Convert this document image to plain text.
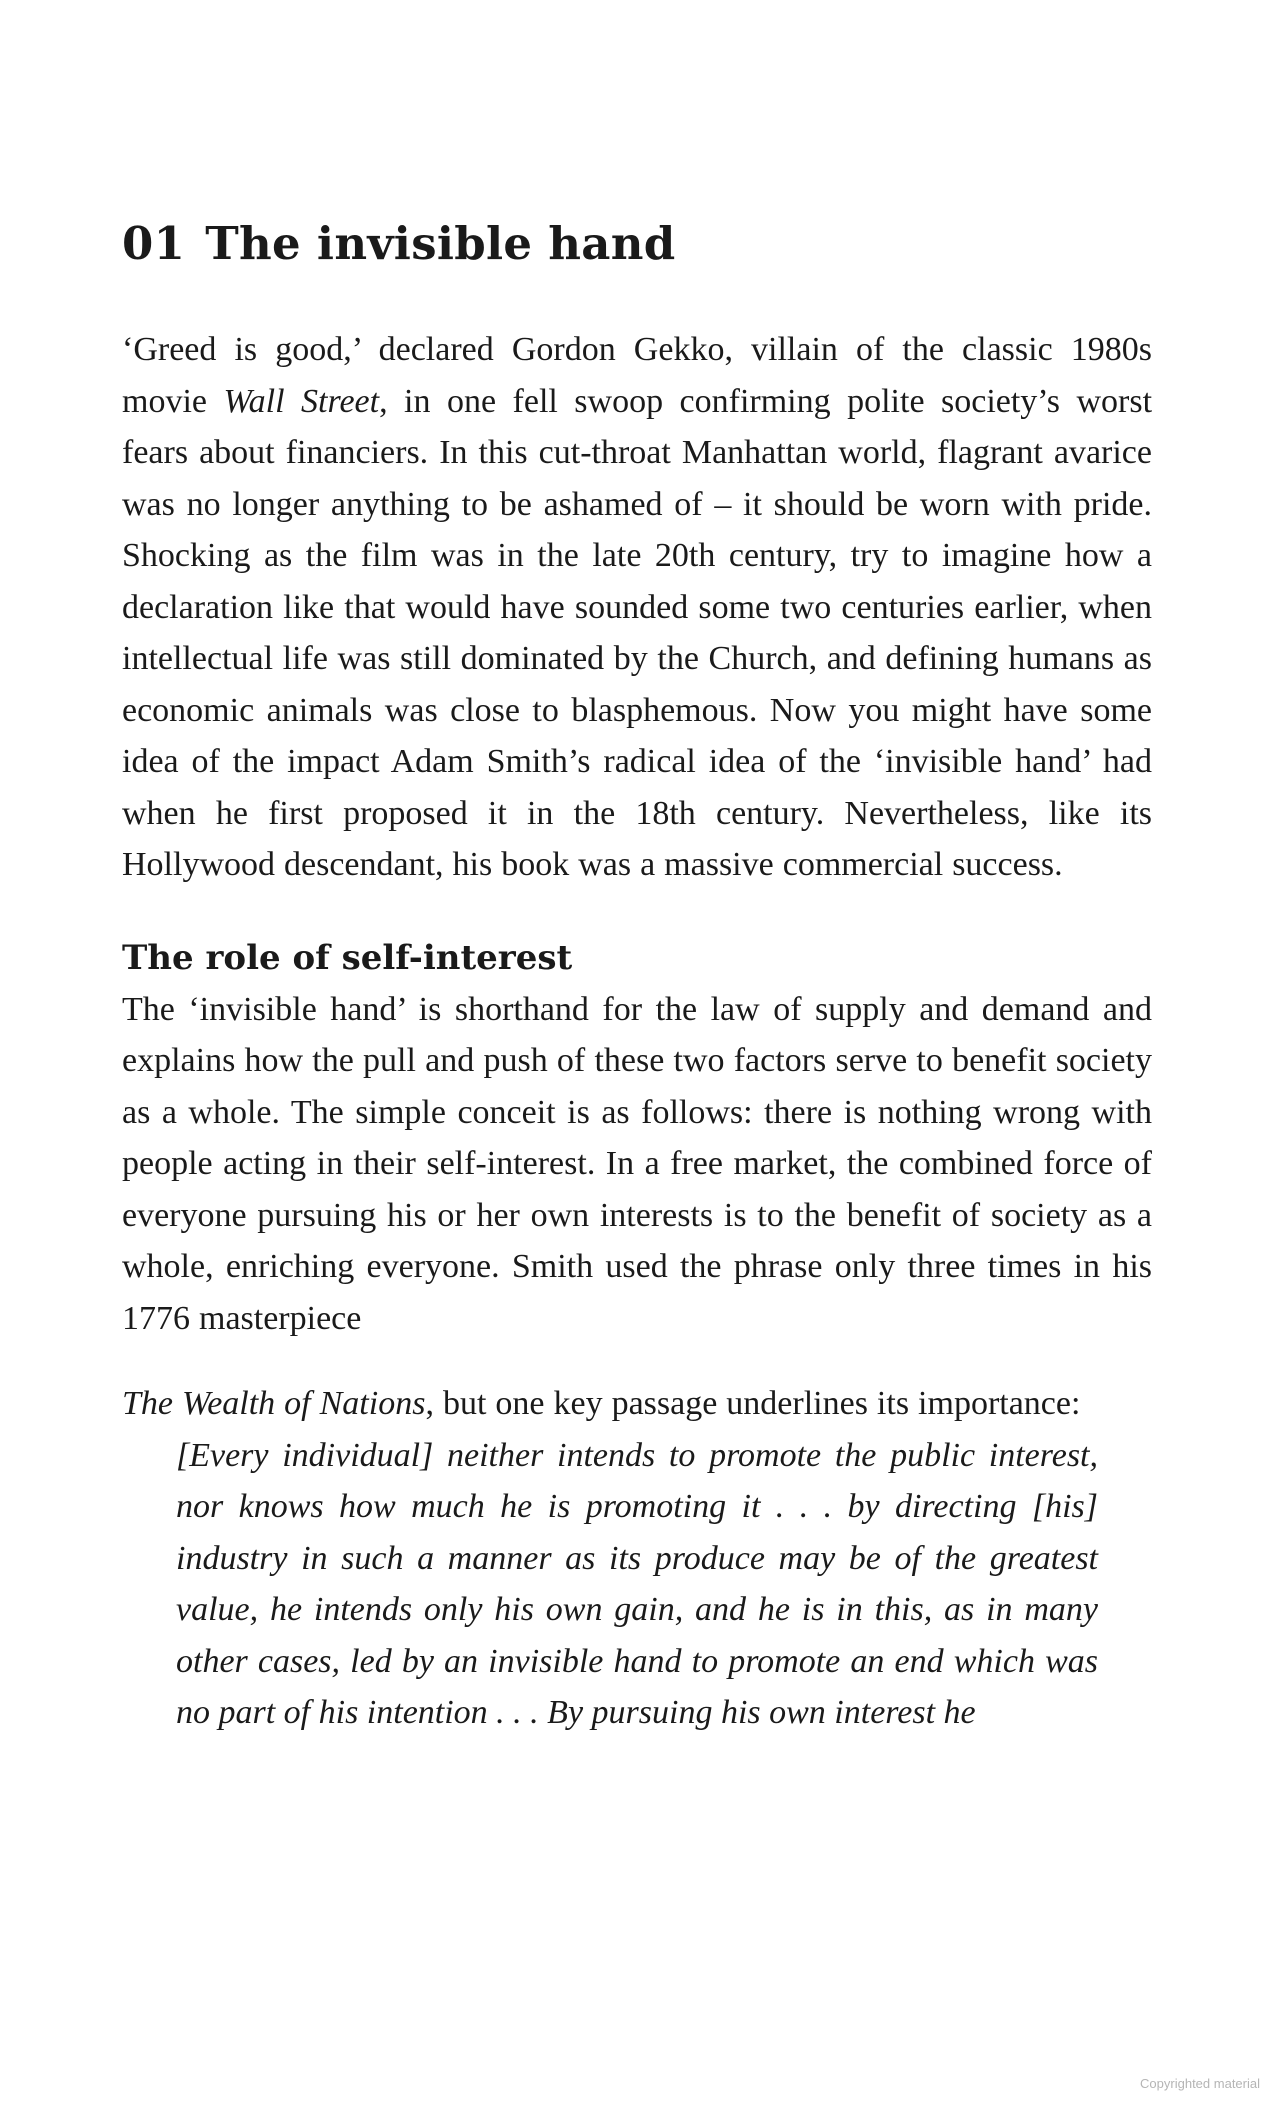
01 The invisible hand

‘Greed is good,’ declared Gordon Gekko, villain of the classic 1980s movie Wall Street, in one fell swoop confirming polite society’s worst fears about financiers. In this cut-throat Manhattan world, flagrant avarice was no longer anything to be ashamed of – it should be worn with pride. Shocking as the film was in the late 20th century, try to imagine how a declaration like that would have sounded some two centuries earlier, when intellectual life was still dominated by the Church, and defining humans as economic animals was close to blasphemous. Now you might have some idea of the impact Adam Smith’s radical idea of the ‘invisible hand’ had when he first proposed it in the 18th century. Nevertheless, like its Hollywood descendant, his book was a massive commercial success.

The role of self-interest

The ‘invisible hand’ is shorthand for the law of supply and demand and explains how the pull and push of these two factors serve to benefit society as a whole. The simple conceit is as follows: there is nothing wrong with people acting in their self-interest. In a free market, the combined force of everyone pursuing his or her own interests is to the benefit of society as a whole, enriching everyone. Smith used the phrase only three times in his 1776 masterpiece

The Wealth of Nations, but one key passage underlines its importance:

[Every individual] neither intends to promote the public interest, nor knows how much he is promoting it . . . by directing [his] industry in such a manner as its produce may be of the greatest value, he intends only his own gain, and he is in this, as in many other cases, led by an invisible hand to promote an end which was no part of his intention . . . By pursuing his own interest he

Copyrighted material
